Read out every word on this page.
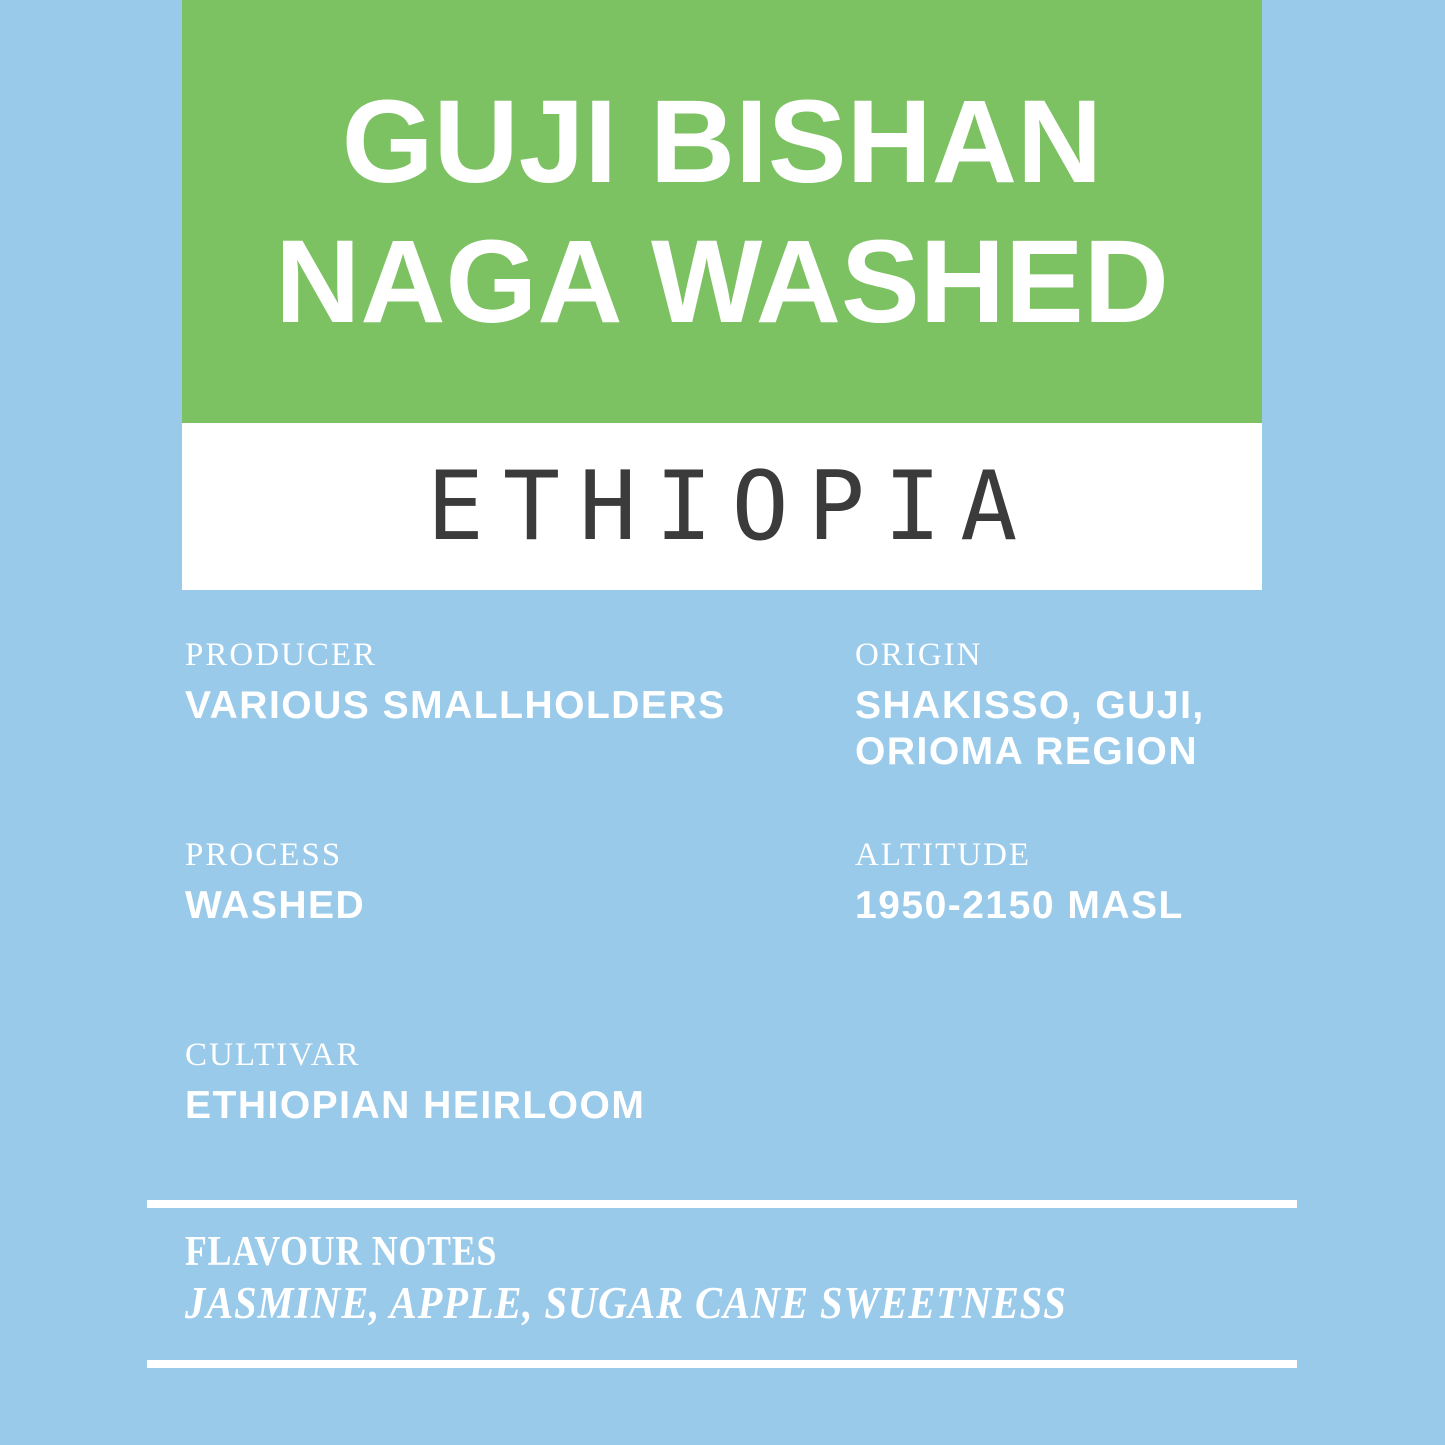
GUJI BISHAN
NAGA WASHED
ETHIOPIA
PRODUCER
VARIOUS SMALLHOLDERS
ORIGIN
SHAKISSO, GUJI,
ORIOMA REGION
PROCESS
WASHED
ALTITUDE
1950-2150 MASL
CULTIVAR
ETHIOPIAN HEIRLOOM
FLAVOUR NOTES
JASMINE, APPLE, SUGAR CANE SWEETNESS
